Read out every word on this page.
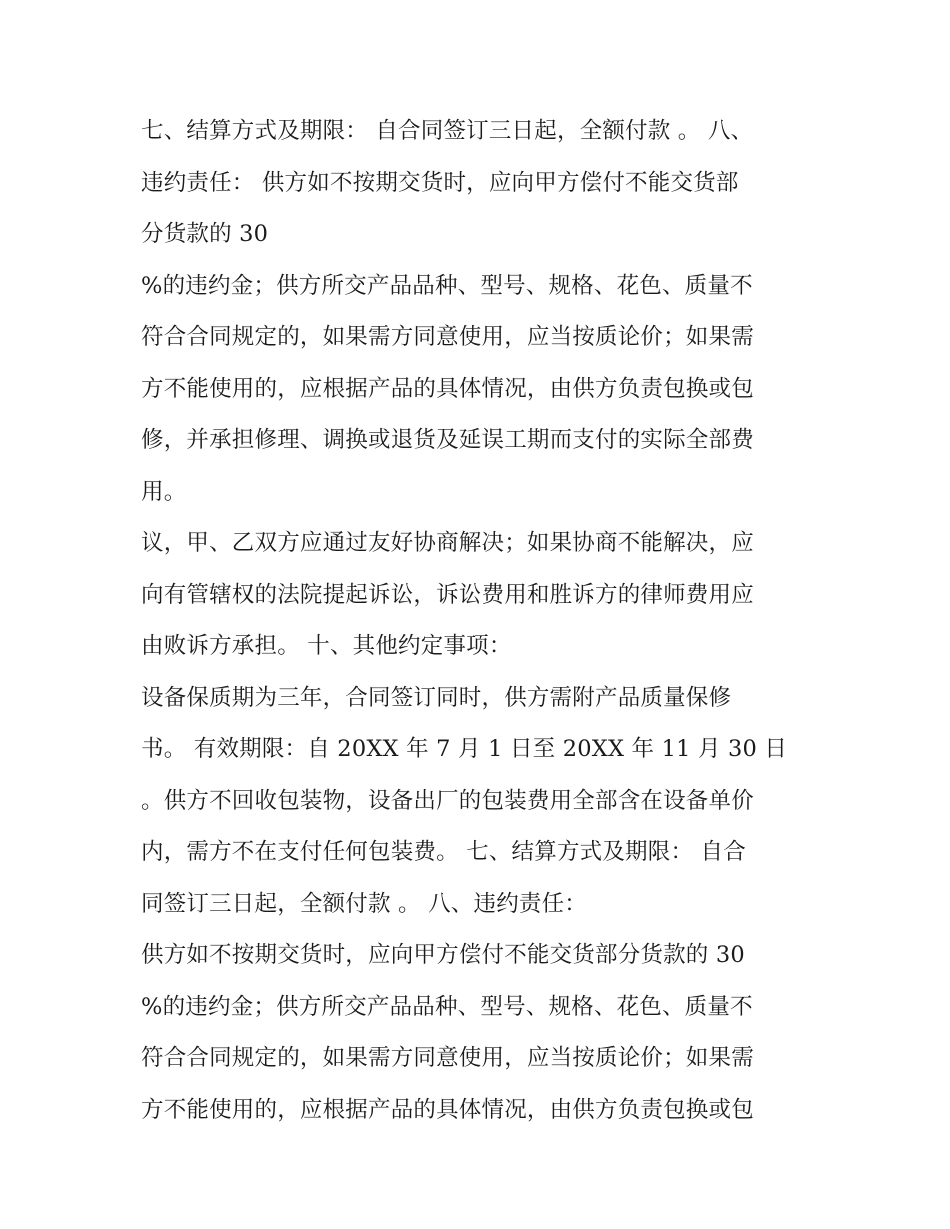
七、结算方式及期限： 自合同签订三日起，全额付款 。 八、
违约责任： 供方如不按期交货时，应向甲方偿付不能交货部
分货款的 30
%的违约金；供方所交产品品种、型号、规格、花色、质量不
符合合同规定的，如果需方同意使用，应当按质论价；如果需
方不能使用的，应根据产品的具体情况，由供方负责包换或包
修，并承担修理、调换或退货及延误工期而支付的实际全部费
用。
议，甲、乙双方应通过友好协商解决；如果协商不能解决，应
向有管辖权的法院提起诉讼，诉讼费用和胜诉方的律师费用应
由败诉方承担。 十、其他约定事项：
设备保质期为三年，合同签订同时，供方需附产品质量保修
书。 有效期限：自 20XX 年 7 月 1 日至 20XX 年 11 月 30 日
。供方不回收包装物，设备出厂的包装费用全部含在设备单价
内，需方不在支付任何包装费。 七、结算方式及期限： 自合
同签订三日起，全额付款 。 八、违约责任：
供方如不按期交货时，应向甲方偿付不能交货部分货款的 30
%的违约金；供方所交产品品种、型号、规格、花色、质量不
符合合同规定的，如果需方同意使用，应当按质论价；如果需
方不能使用的，应根据产品的具体情况，由供方负责包换或包
